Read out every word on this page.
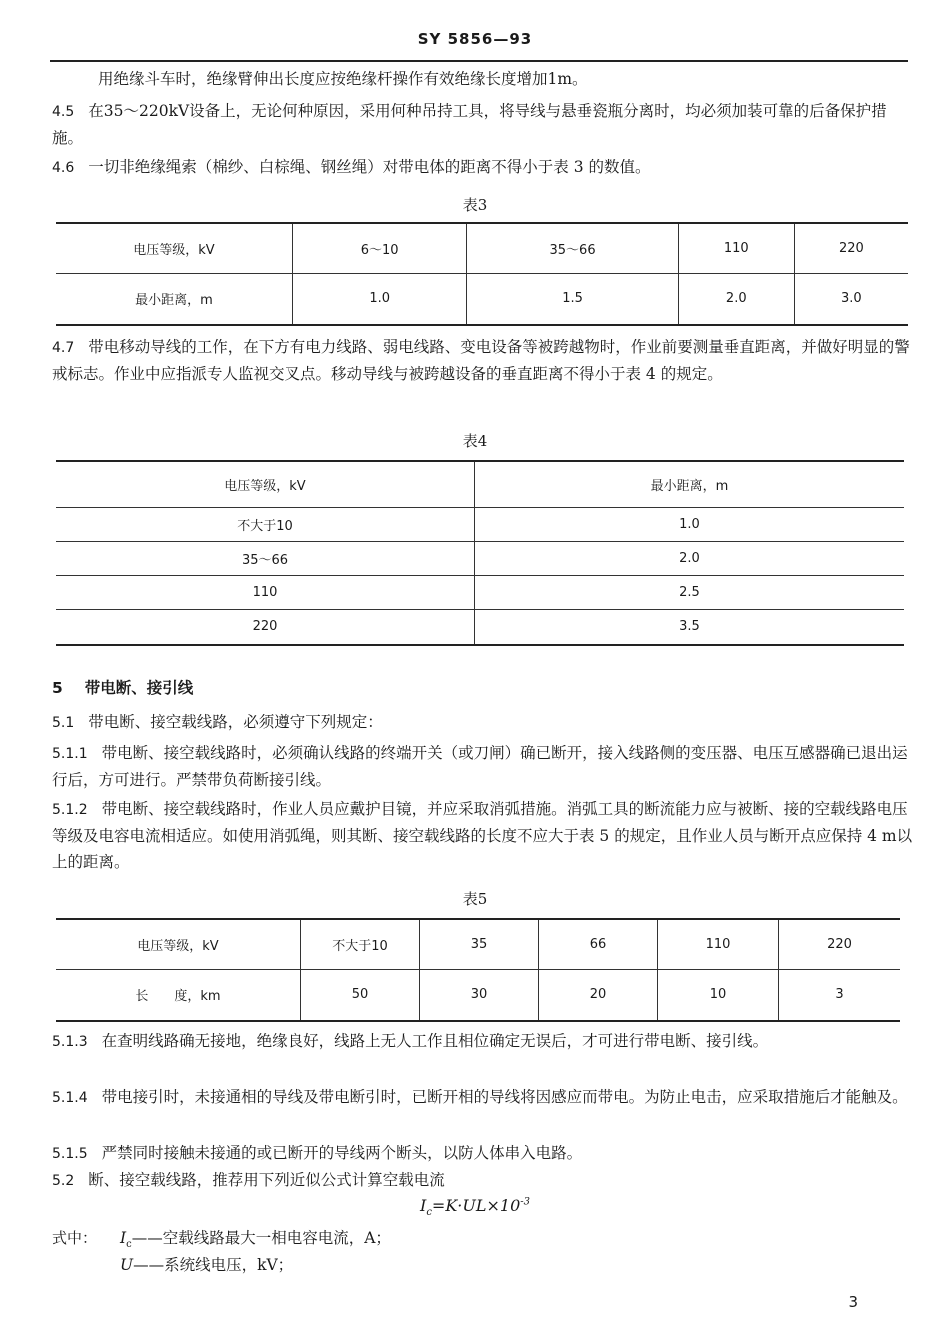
SY 5856—93

用绝缘斗车时，绝缘臂伸出长度应按绝缘杆操作有效绝缘长度增加1m。

4.5 在35～220kV设备上，无论何种原因，采用何种吊持工具，将导线与悬垂瓷瓶分离时，均必须加装可靠的后备保护措施。

4.6 一切非绝缘绳索（棉纱、白棕绳、钢丝绳）对带电体的距离不得小于表 3 的数值。

表3
电压等级，kV	6～10	35～66	110	220
最小距离，m	1.0	1.5	2.0	3.0

4.7 带电移动导线的工作，在下方有电力线路、弱电线路、变电设备等被跨越物时，作业前要测量垂直距离，并做好明显的警戒标志。作业中应指派专人监视交叉点。移动导线与被跨越设备的垂直距离不得小于表 4 的规定。

表4
电压等级，kV	最小距离，m
不大于10	1.0
35～66	2.0
110	2.5
220	3.5
5 带电断、接引线

5.1 带电断、接空载线路，必须遵守下列规定：

5.1.1 带电断、接空载线路时，必须确认线路的终端开关（或刀闸）确已断开，接入线路侧的变压器、电压互感器确已退出运行后，方可进行。严禁带负荷断接引线。

5.1.2 带电断、接空载线路时，作业人员应戴护目镜，并应采取消弧措施。消弧工具的断流能力应与被断、接的空载线路电压等级及电容电流相适应。如使用消弧绳，则其断、接空载线路的长度不应大于表 5 的规定，且作业人员与断开点应保持 4 m以上的距离。

表5
电压等级，kV	不大于10	35	66	110	220
长　　度，km	50	30	20	10	3

5.1.3 在查明线路确无接地，绝缘良好，线路上无人工作且相位确定无误后，才可进行带电断、接引线。

5.1.4 带电接引时，未接通相的导线及带电断引时，已断开相的导线将因感应而带电。为防止电击，应采取措施后才能触及。

5.1.5 严禁同时接触未接通的或已断开的导线两个断头，以防人体串入电路。

5.2 断、接空载线路，推荐用下列近似公式计算空载电流

$I_c=K\cdot UL\times 10^{-3}$

式中： $I_c——$空载线路最大一相电容电流，A；

U——系统线电压，kV；

3
